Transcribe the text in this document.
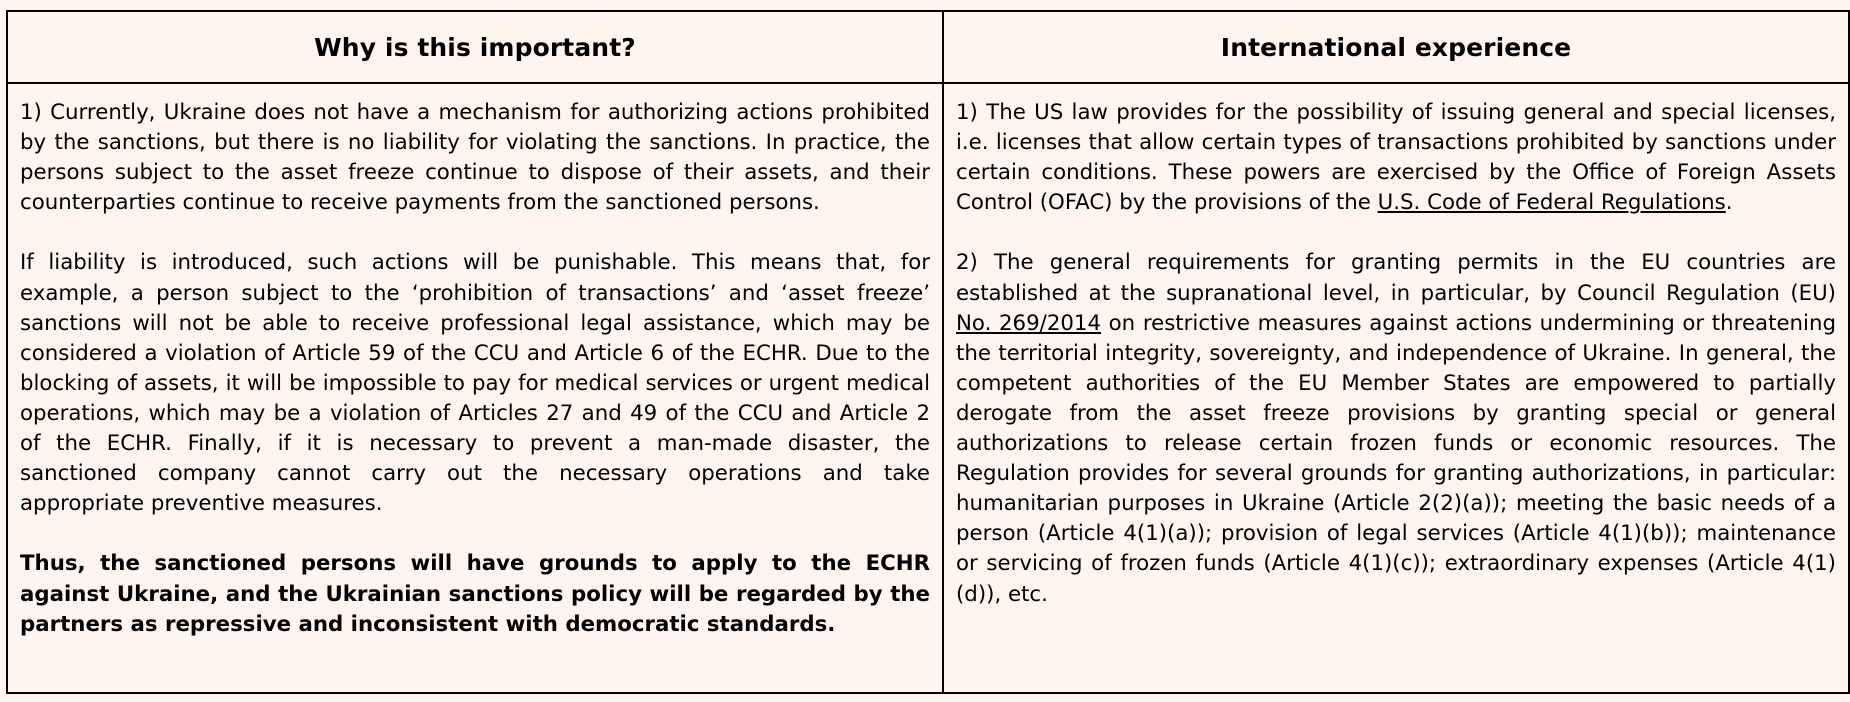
Why is this important?	International experience

1) Currently, Ukraine does not have a mechanism for authorizing actions prohibited by the sanctions, but there is no liability for violating the sanctions. In practice, the persons subject to the asset freeze continue to dispose of their assets, and their counterparties continue to receive payments from the sanctioned persons.

If liability is introduced, such actions will be punishable. This means that, for example, a person subject to the ‘prohibition of transactions’ and ‘asset freeze’ sanctions will not be able to receive professional legal assistance, which may be considered a violation of Article 59 of the CCU and Article 6 of the ECHR. Due to the blocking of assets, it will be impossible to pay for medical services or urgent medical operations, which may be a violation of Articles 27 and 49 of the CCU and Article 2 of the ECHR. Finally, if it is necessary to prevent a man-made disaster, the sanctioned company cannot carry out the necessary operations and take appropriate preventive measures.

Thus, the sanctioned persons will have grounds to apply to the ECHR against Ukraine, and the Ukrainian sanctions policy will be regarded by the partners as repressive and inconsistent with democratic standards.

1) The US law provides for the possibility of issuing general and special licenses, i.e. licenses that allow certain types of transactions prohibited by sanctions under certain conditions. These powers are exercised by the Office of Foreign Assets Control (OFAC) by the provisions of the U.S. Code of Federal Regulations.

2) The general requirements for granting permits in the EU countries are established at the supranational level, in particular, by Council Regulation (EU) No. 269/2014 on restrictive measures against actions undermining or threatening the territorial integrity, sovereignty, and independence of Ukraine. In general, the competent authorities of the EU Member States are empowered to partially derogate from the asset freeze provisions by granting special or general authorizations to release certain frozen funds or economic resources. The Regulation provides for several grounds for granting authorizations, in particular: humanitarian purposes in Ukraine (Article 2(2)(a)); meeting the basic needs of a person (Article 4(1)(a)); provision of legal services (Article 4(1)(b)); maintenance or servicing of frozen funds (Article 4(1)(c)); extraordinary expenses (Article 4(1)(d)), etc.
